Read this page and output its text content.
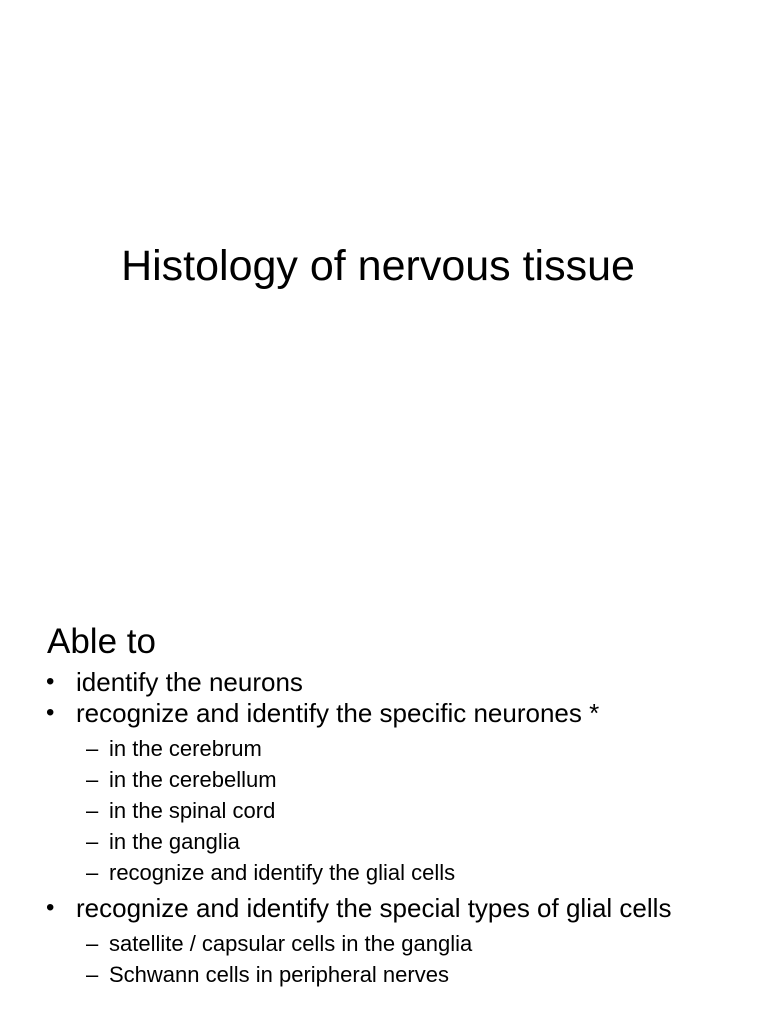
Histology of nervous tissue
Able to
• identify the neurons
• recognize and identify the specific neurones *
– in the cerebrum
– in the cerebellum
– in the spinal cord
– in the ganglia
– recognize and identify the glial cells
• recognize and identify the special types of glial cells
– satellite / capsular cells in the ganglia
– Schwann cells in peripheral nerves
